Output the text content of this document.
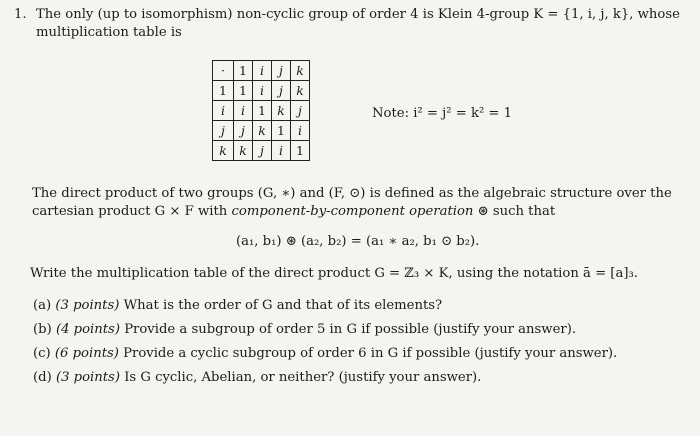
1. The only (up to isomorphism) non-cyclic group of order 4 is Klein 4-group K = {1, i, j, k}, whose
multiplication table is
·	1	i	j	k
1	1	i	j	k
i	i	1	k	j
j	j	k	1	i
k	k	j	i	1
Note: i² = j² = k² = 1
The direct product of two groups (G, ∗) and (F, ⊙) is defined as the algebraic structure over the
cartesian product G × F with component-by-component operation ⊛ such that
(a₁, b₁) ⊛ (a₂, b₂) = (a₁ ∗ a₂, b₁ ⊙ b₂).
Write the multiplication table of the direct product G = ℤ₃ × K, using the notation ā = [a]₃.
(a) (3 points) What is the order of G and that of its elements?
(b) (4 points) Provide a subgroup of order 5 in G if possible (justify your answer).
(c) (6 points) Provide a cyclic subgroup of order 6 in G if possible (justify your answer).
(d) (3 points) Is G cyclic, Abelian, or neither? (justify your answer).
